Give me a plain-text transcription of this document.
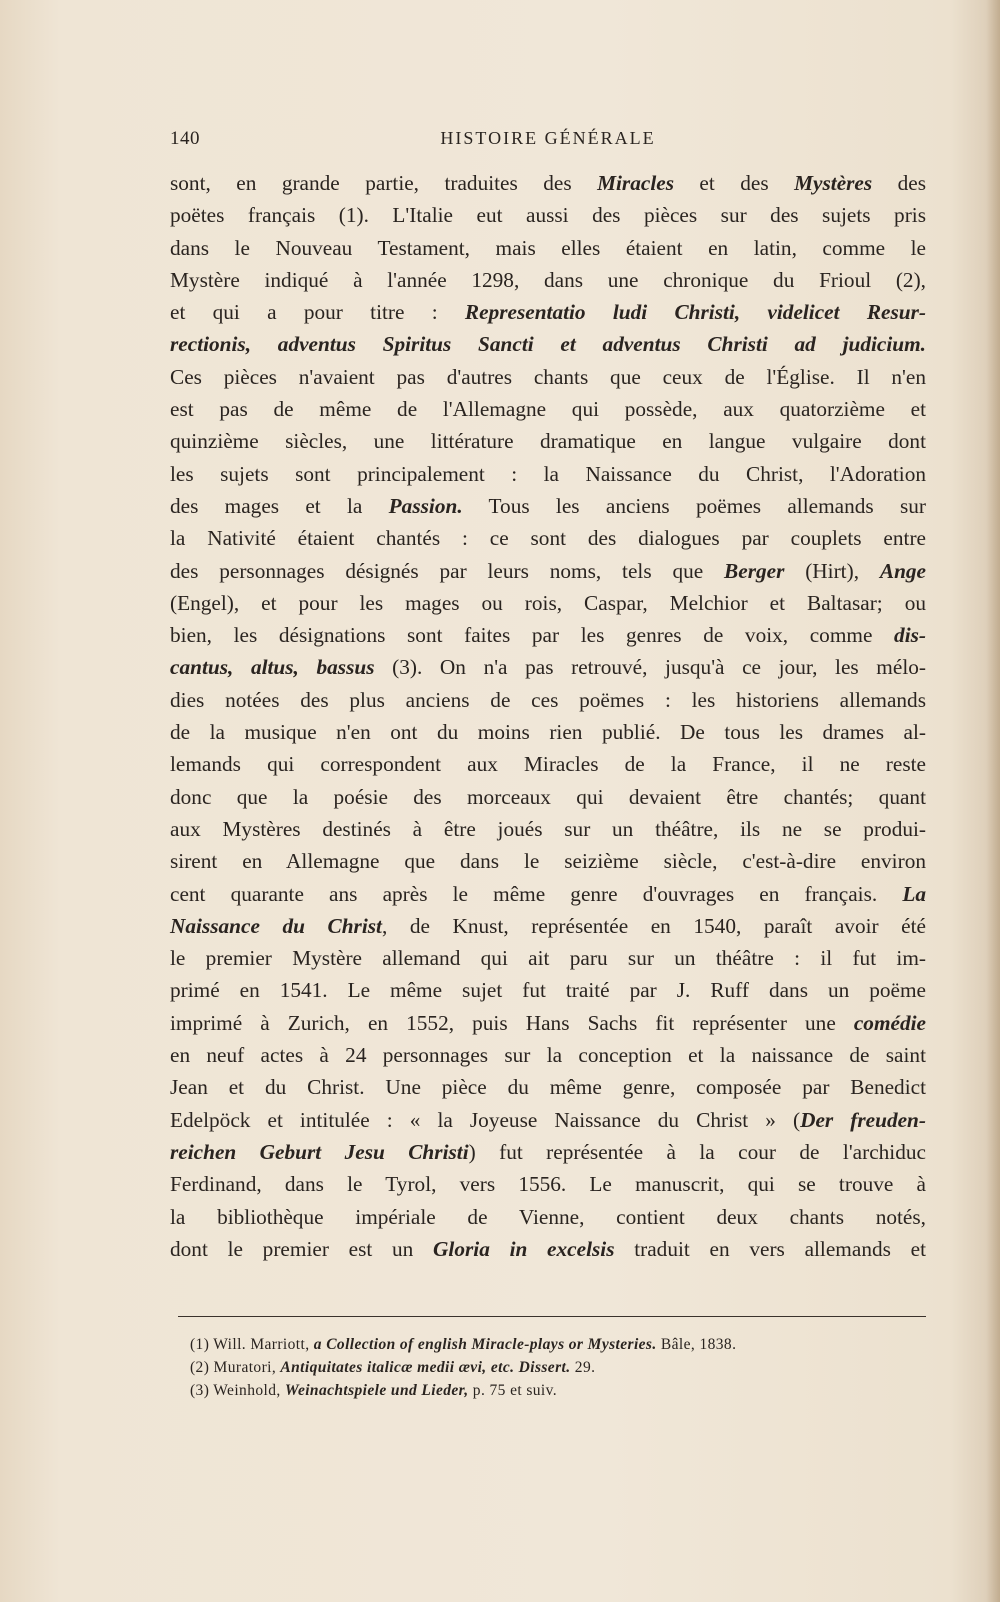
140	HISTOIRE GÉNÉRALE
sont, en grande partie, traduites des Miracles et des Mystères des
poëtes français (1). L'Italie eut aussi des pièces sur des sujets pris
dans le Nouveau Testament, mais elles étaient en latin, comme le
Mystère indiqué à l'année 1298, dans une chronique du Frioul (2),
et qui a pour titre : Representatio ludi Christi, videlicet Resur-
rectionis, adventus Spiritus Sancti et adventus Christi ad judicium.
Ces pièces n'avaient pas d'autres chants que ceux de l'Église. Il n'en
est pas de même de l'Allemagne qui possède, aux quatorzième et
quinzième siècles, une littérature dramatique en langue vulgaire dont
les sujets sont principalement : la Naissance du Christ, l'Adoration
des mages et la Passion. Tous les anciens poëmes allemands sur
la Nativité étaient chantés : ce sont des dialogues par couplets entre
des personnages désignés par leurs noms, tels que Berger (Hirt), Ange
(Engel), et pour les mages ou rois, Caspar, Melchior et Baltasar; ou
bien, les désignations sont faites par les genres de voix, comme dis-
cantus, altus, bassus (3). On n'a pas retrouvé, jusqu'à ce jour, les mélo-
dies notées des plus anciens de ces poëmes : les historiens allemands
de la musique n'en ont du moins rien publié. De tous les drames al-
lemands qui correspondent aux Miracles de la France, il ne reste
donc que la poésie des morceaux qui devaient être chantés; quant
aux Mystères destinés à être joués sur un théâtre, ils ne se produi-
sirent en Allemagne que dans le seizième siècle, c'est-à-dire environ
cent quarante ans après le même genre d'ouvrages en français. La
Naissance du Christ, de Knust, représentée en 1540, paraît avoir été
le premier Mystère allemand qui ait paru sur un théâtre : il fut im-
primé en 1541. Le même sujet fut traité par J. Ruff dans un poëme
imprimé à Zurich, en 1552, puis Hans Sachs fit représenter une comédie
en neuf actes à 24 personnages sur la conception et la naissance de saint
Jean et du Christ. Une pièce du même genre, composée par Benedict
Edelpöck et intitulée : « la Joyeuse Naissance du Christ » (Der freuden-
reichen Geburt Jesu Christi) fut représentée à la cour de l'archiduc
Ferdinand, dans le Tyrol, vers 1556. Le manuscrit, qui se trouve à
la bibliothèque impériale de Vienne, contient deux chants notés,
dont le premier est un Gloria in excelsis traduit en vers allemands et
(1) Will. Marriott, a Collection of english Miracle-plays or Mysteries. Bâle, 1838.
(2) Muratori, Antiquitates italicæ medii ævi, etc. Dissert. 29.
(3) Weinhold, Weinachtspiele und Lieder, p. 75 et suiv.
